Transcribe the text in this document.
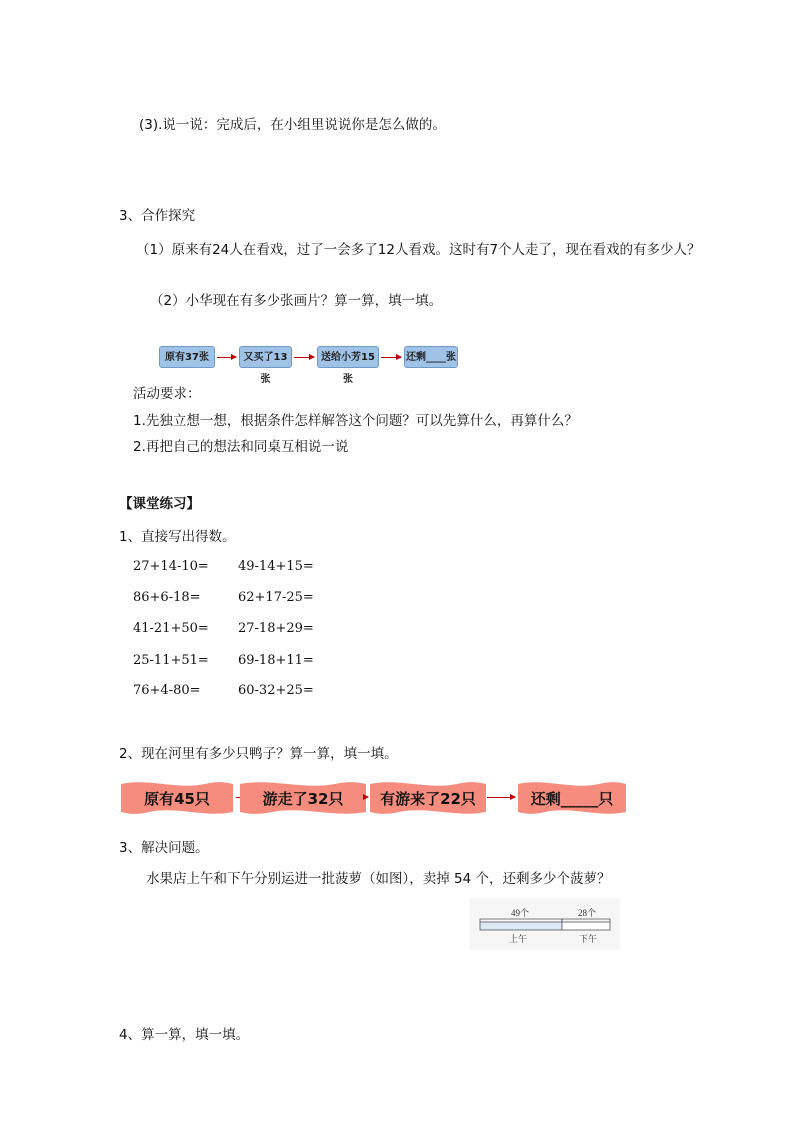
(3).说一说：完成后，在小组里说说你是怎么做的。
3、合作探究
（1）原来有24人在看戏，过了一会多了12人看戏。这时有7个人走了，现在看戏的有多少人？
（2）小华现在有多少张画片？算一算，填一填。
原有37张	又买了13张
送给小芳15张
还剩____张
活动要求：
1.先独立想一想，根据条件怎样解答这个问题？可以先算什么，再算什么？
2.再把自己的想法和同桌互相说一说
【课堂练习】
1、直接写出得数。
27+14-10= 49-14+15=
86+6-18=	62+17-25=
41-21+50= 27-18+29=
25-11+51= 69-18+11=
76+4-80=	60-32+25=
2、现在河里有多少只鸭子？算一算，填一填。
原有45只	游走了32只	有游来了22只	还剩_____只
3、解决问题。
水果店上午和下午分别运进一批菠萝（如图），卖掉 54 个，还剩多少个菠萝？
49个	28个
上午	下午
4、算一算，填一填。
